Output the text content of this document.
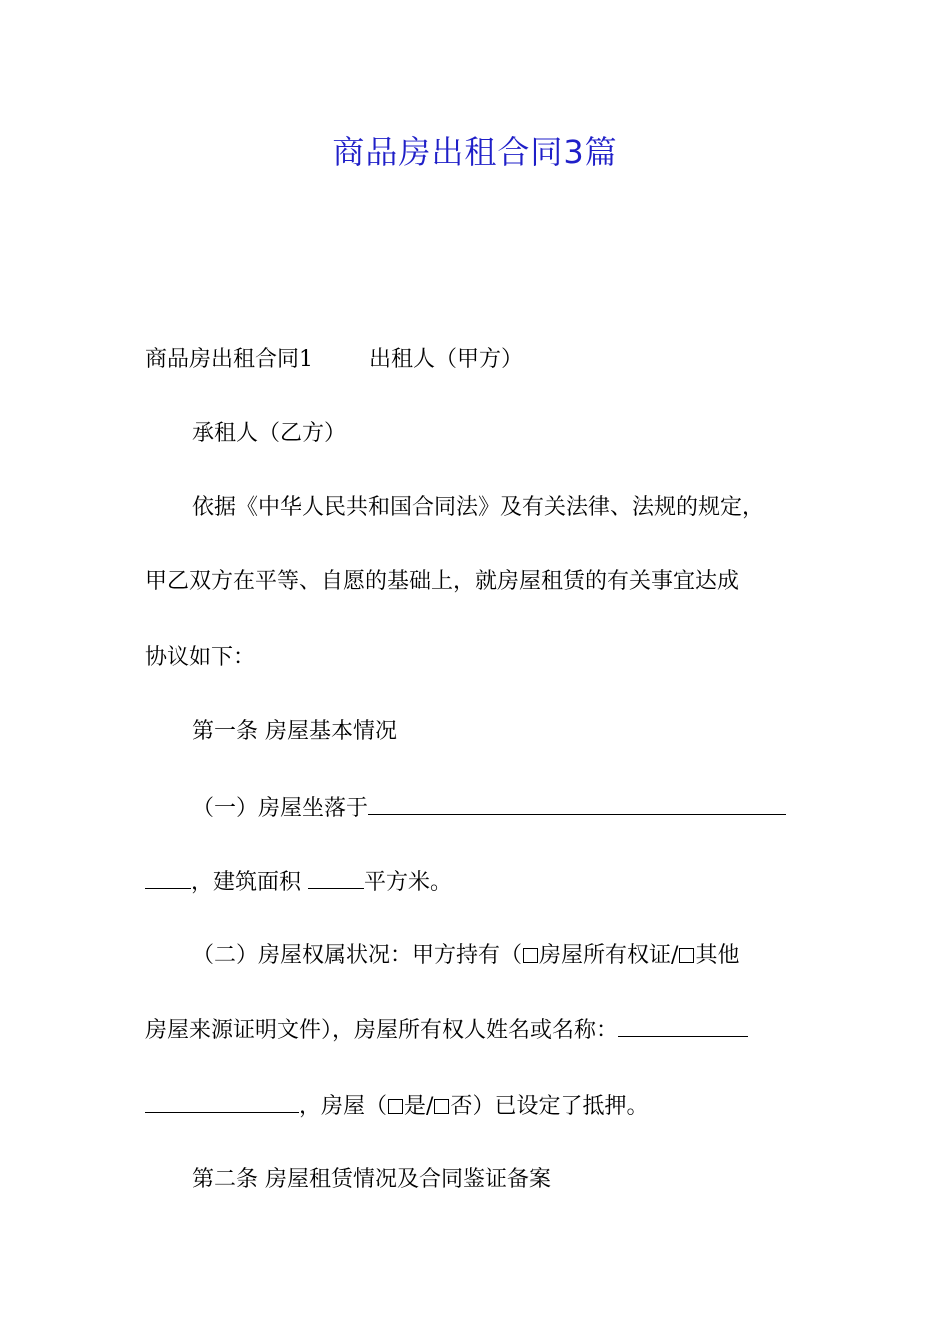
商品房出租合同3篇
商品房出租合同1	出租人（甲方）
承租人（乙方）
依据《中华人民共和国合同法》及有关法律、法规的规定，
甲乙双方在平等、自愿的基础上，就房屋租赁的有关事宜达成
协议如下：
第一条 房屋基本情况
（一）房屋坐落于
，建筑面积	平方米。
（二）房屋权属状况：甲方持有（ 房屋所有权证/ 其他
房屋来源证明文件），房屋所有权人姓名或名称：
，房屋（ 是/ 否）已设定了抵押。
第二条 房屋租赁情况及合同鉴证备案
